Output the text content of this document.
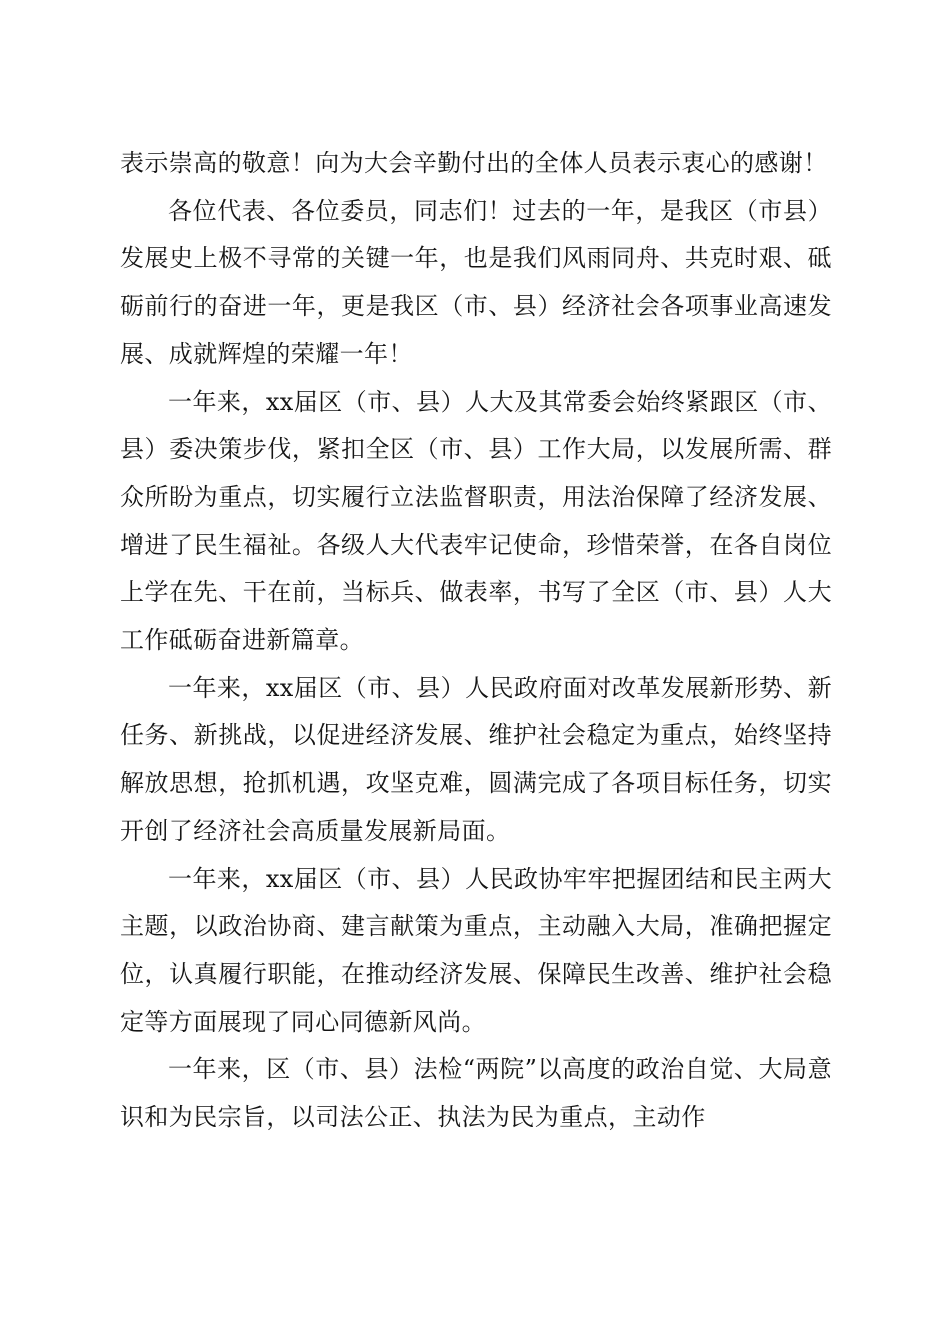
表示崇高的敬意！向为大会辛勤付出的全体人员表示衷心的感谢！

各位代表、各位委员，同志们！过去的一年，是我区（市县）发展史上极不寻常的关键一年，也是我们风雨同舟、共克时艰、砥砺前行的奋进一年，更是我区（市、县）经济社会各项事业高速发展、成就辉煌的荣耀一年！

一年来，xx届区（市、县）人大及其常委会始终紧跟区（市、县）委决策步伐，紧扣全区（市、县）工作大局，以发展所需、群众所盼为重点，切实履行立法监督职责，用法治保障了经济发展、增进了民生福祉。各级人大代表牢记使命，珍惜荣誉，在各自岗位上学在先、干在前，当标兵、做表率，书写了全区（市、县）人大工作砥砺奋进新篇章。

一年来，xx届区（市、县）人民政府面对改革发展新形势、新任务、新挑战，以促进经济发展、维护社会稳定为重点，始终坚持解放思想，抢抓机遇，攻坚克难，圆满完成了各项目标任务，切实开创了经济社会高质量发展新局面。

一年来，xx届区（市、县）人民政协牢牢把握团结和民主两大主题，以政治协商、建言献策为重点，主动融入大局，准确把握定位，认真履行职能，在推动经济发展、保障民生改善、维护社会稳定等方面展现了同心同德新风尚。

一年来，区（市、县）法检“两院”以高度的政治自觉、大局意识和为民宗旨，以司法公正、执法为民为重点，主动作
